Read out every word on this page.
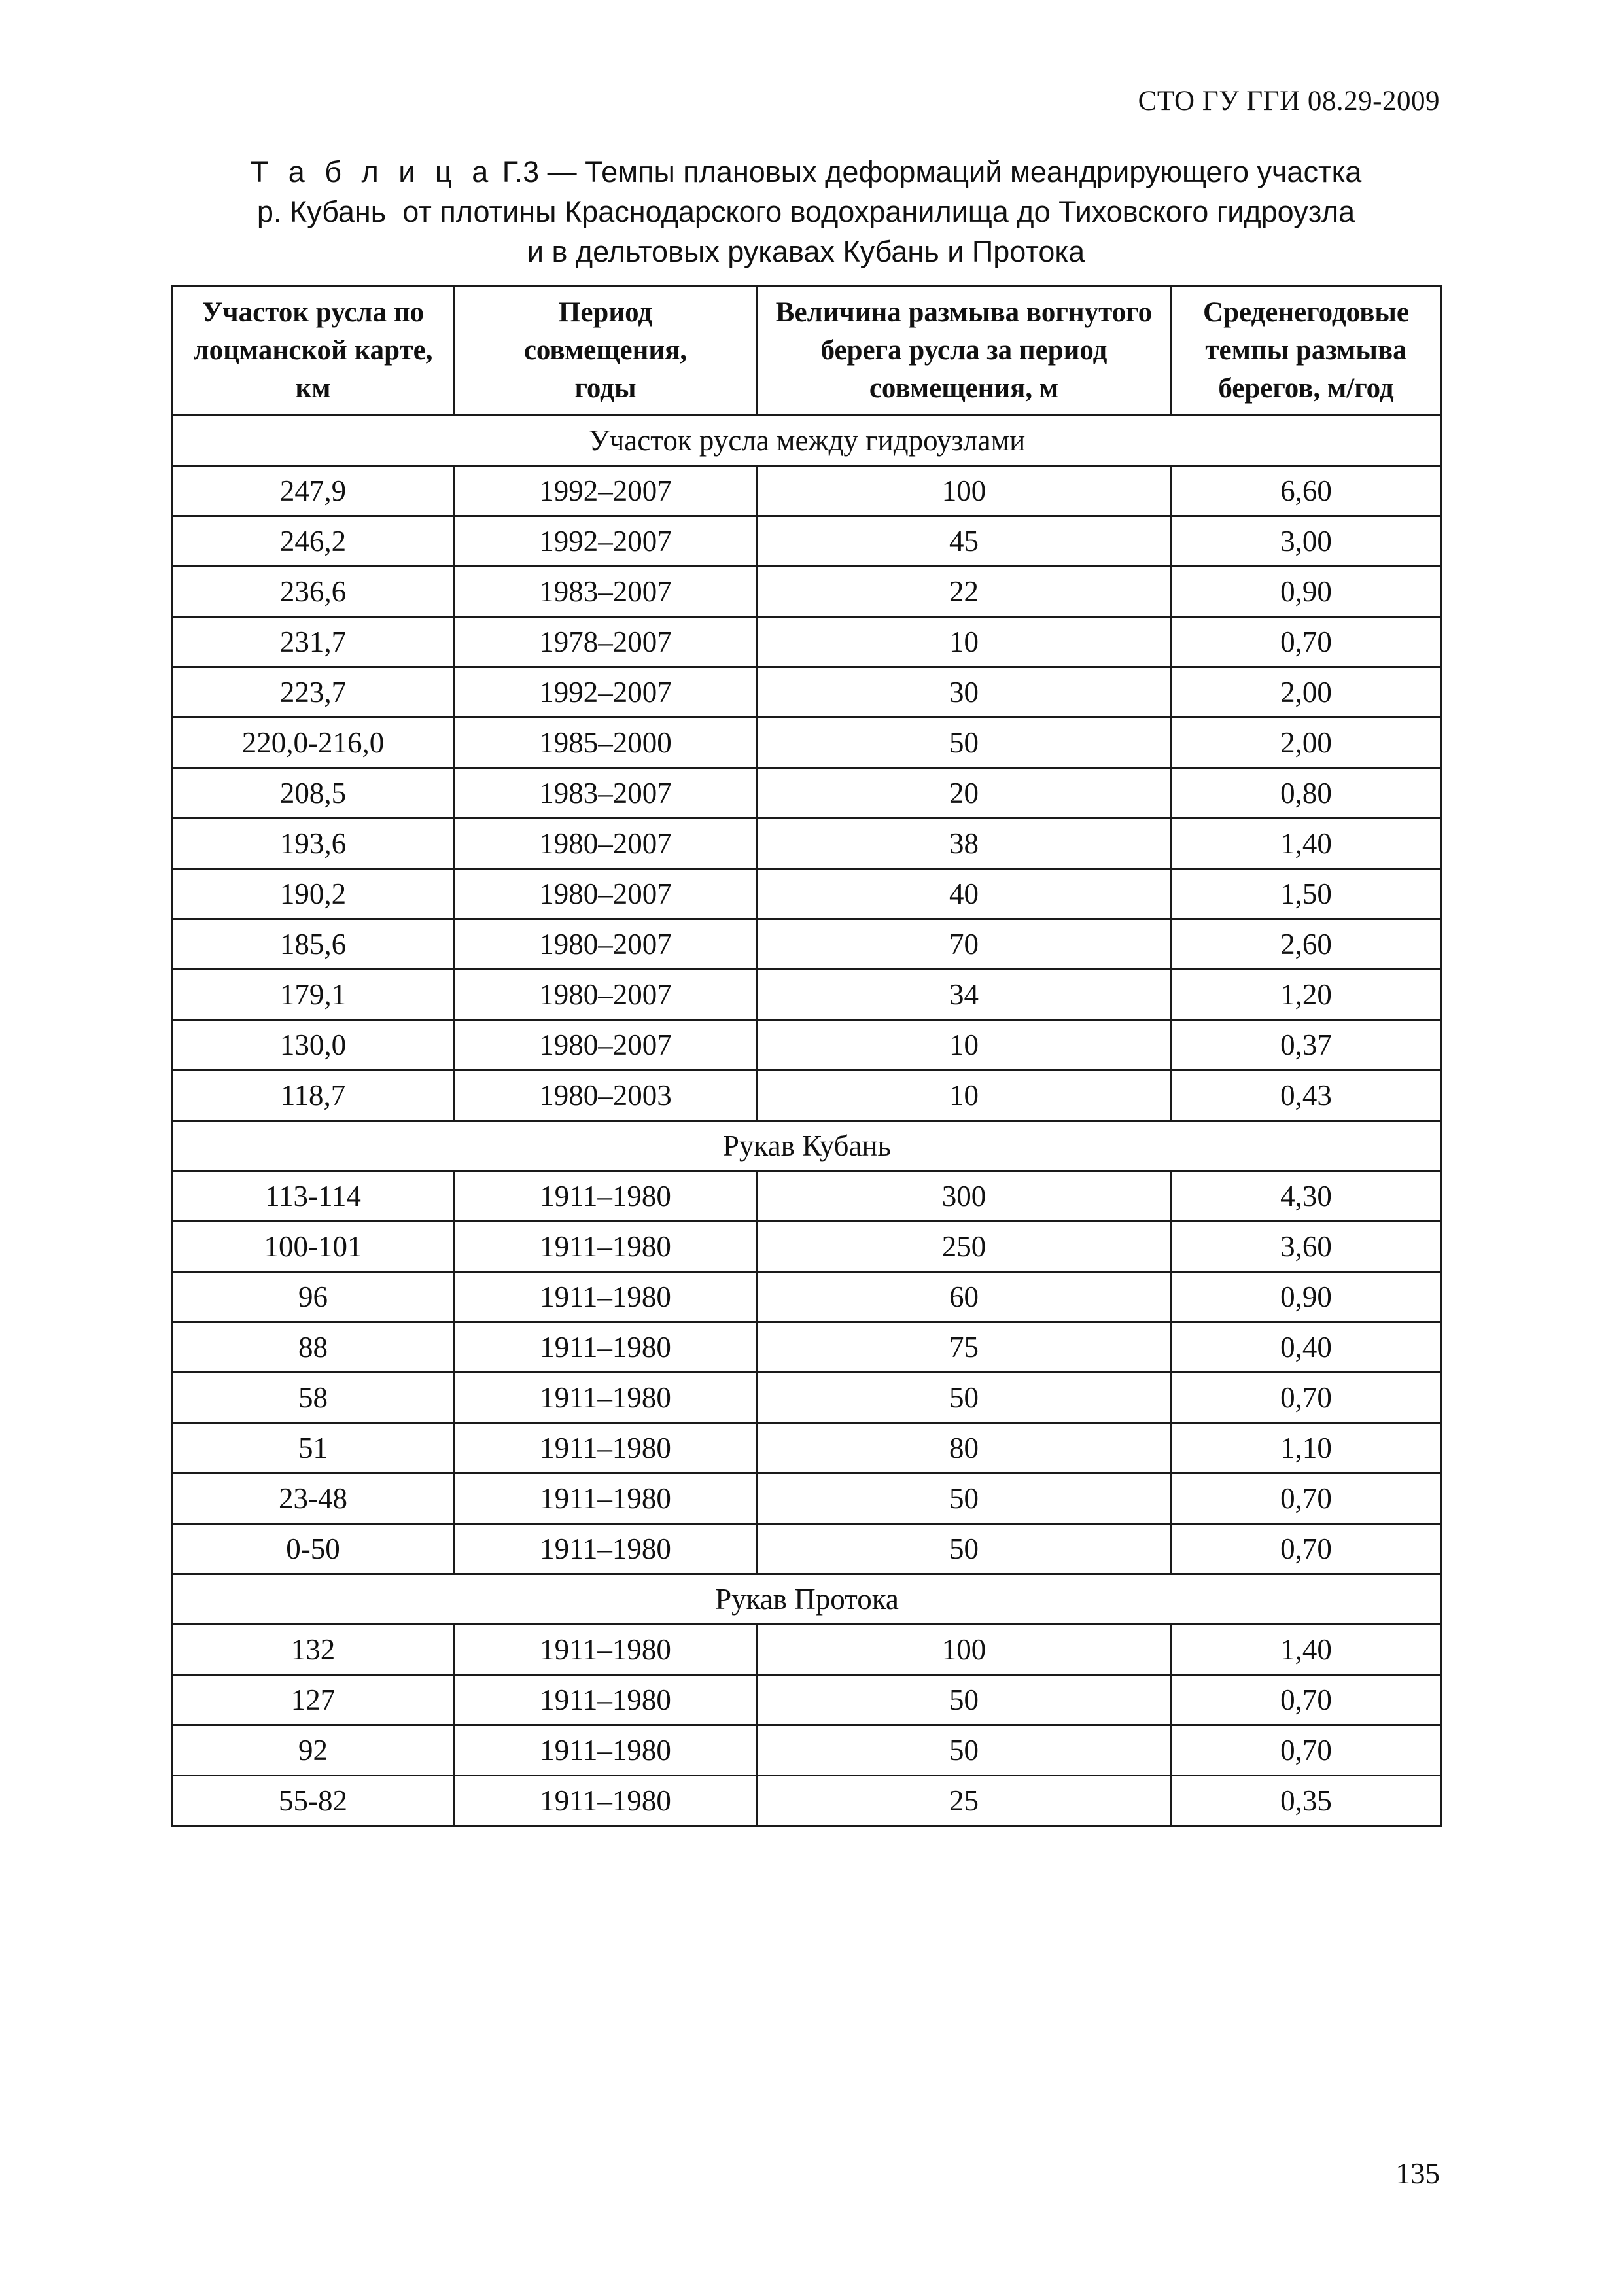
СТО ГУ ГГИ 08.29-2009
Т а б л и ц а Г.3 — Темпы плановых деформаций меандрирующего участка
р. Кубань  от плотины Краснодарского водохранилища до Тиховского гидроузла
и в дельтовых рукавах Кубань и Протока
Участок русла по лоцманской карте, км	Период совмещения, годы	Величина размыва вогнутого берега русла за период совмещения, м	Среденегодовые темпы размыва берегов, м/год
Участок русла между гидроузлами			
247,9	1992–2007	100	6,60
246,2	1992–2007	45	3,00
236,6	1983–2007	22	0,90
231,7	1978–2007	10	0,70
223,7	1992–2007	30	2,00
220,0-216,0	1985–2000	50	2,00
208,5	1983–2007	20	0,80
193,6	1980–2007	38	1,40
190,2	1980–2007	40	1,50
185,6	1980–2007	70	2,60
179,1	1980–2007	34	1,20
130,0	1980–2007	10	0,37
118,7	1980–2003	10	0,43
Рукав Кубань			
113-114	1911–1980	300	4,30
100-101	1911–1980	250	3,60
96	1911–1980	60	0,90
88	1911–1980	75	0,40
58	1911–1980	50	0,70
51	1911–1980	80	1,10
23-48	1911–1980	50	0,70
0-50	1911–1980	50	0,70
Рукав Протока			
132	1911–1980	100	1,40
127	1911–1980	50	0,70
92	1911–1980	50	0,70
55-82	1911–1980	25	0,35
135
